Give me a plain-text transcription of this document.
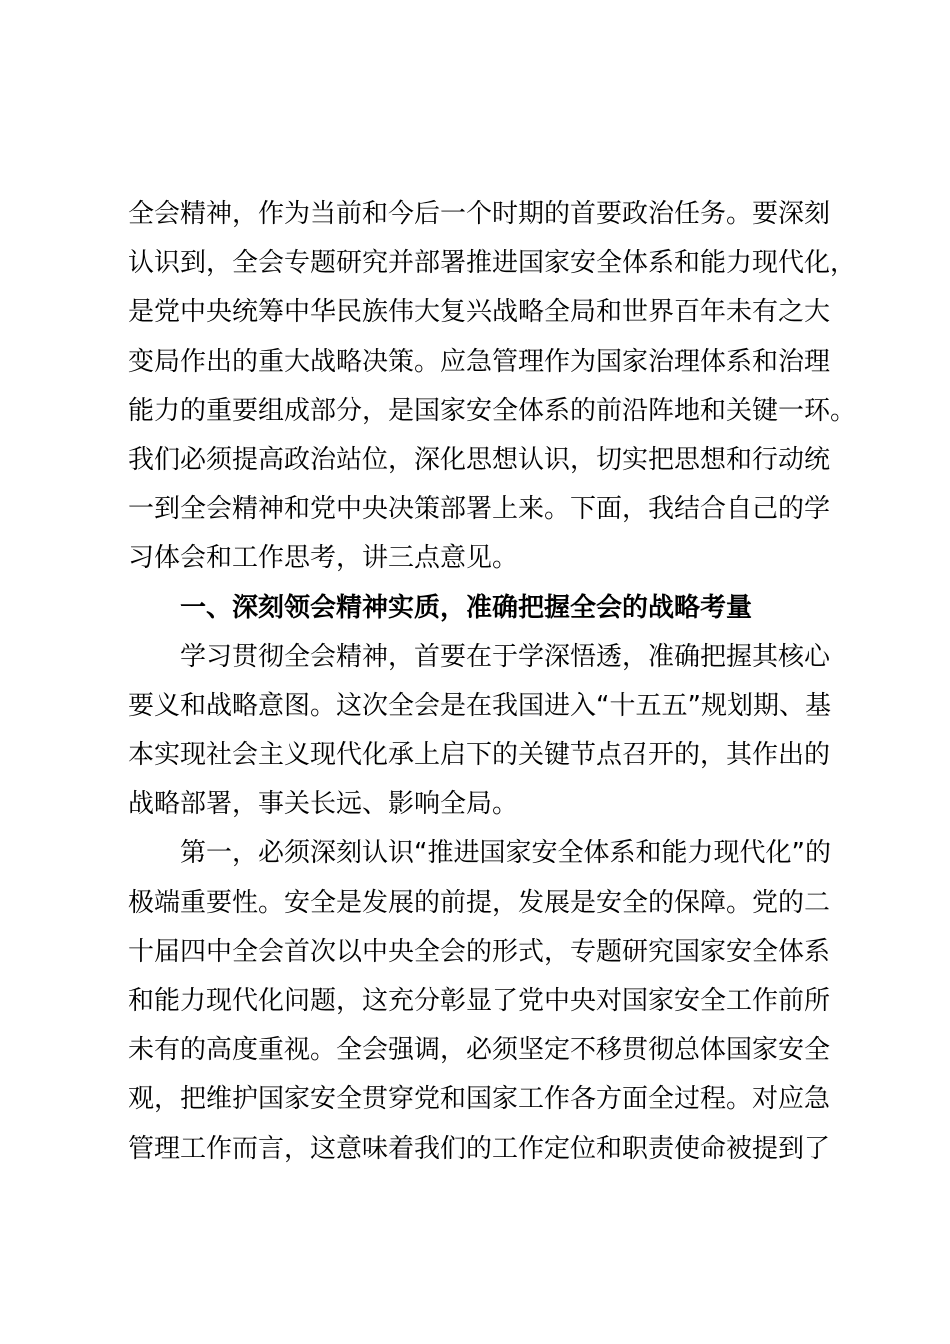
全会精神，作为当前和今后一个时期的首要政治任务。要深刻
认识到，全会专题研究并部署推进国家安全体系和能力现代化，
是党中央统筹中华民族伟大复兴战略全局和世界百年未有之大
变局作出的重大战略决策。应急管理作为国家治理体系和治理
能力的重要组成部分，是国家安全体系的前沿阵地和关键一环。
我们必须提高政治站位，深化思想认识，切实把思想和行动统
一到全会精神和党中央决策部署上来。下面，我结合自己的学
习体会和工作思考，讲三点意见。
一、深刻领会精神实质，准确把握全会的战略考量
学习贯彻全会精神，首要在于学深悟透，准确把握其核心
要义和战略意图。这次全会是在我国进入“十五五”规划期、基
本实现社会主义现代化承上启下的关键节点召开的，其作出的
战略部署，事关长远、影响全局。
第一，必须深刻认识“推进国家安全体系和能力现代化”的
极端重要性。安全是发展的前提，发展是安全的保障。党的二
十届四中全会首次以中央全会的形式，专题研究国家安全体系
和能力现代化问题，这充分彰显了党中央对国家安全工作前所
未有的高度重视。全会强调，必须坚定不移贯彻总体国家安全
观，把维护国家安全贯穿党和国家工作各方面全过程。对应急
管理工作而言，这意味着我们的工作定位和职责使命被提到了
